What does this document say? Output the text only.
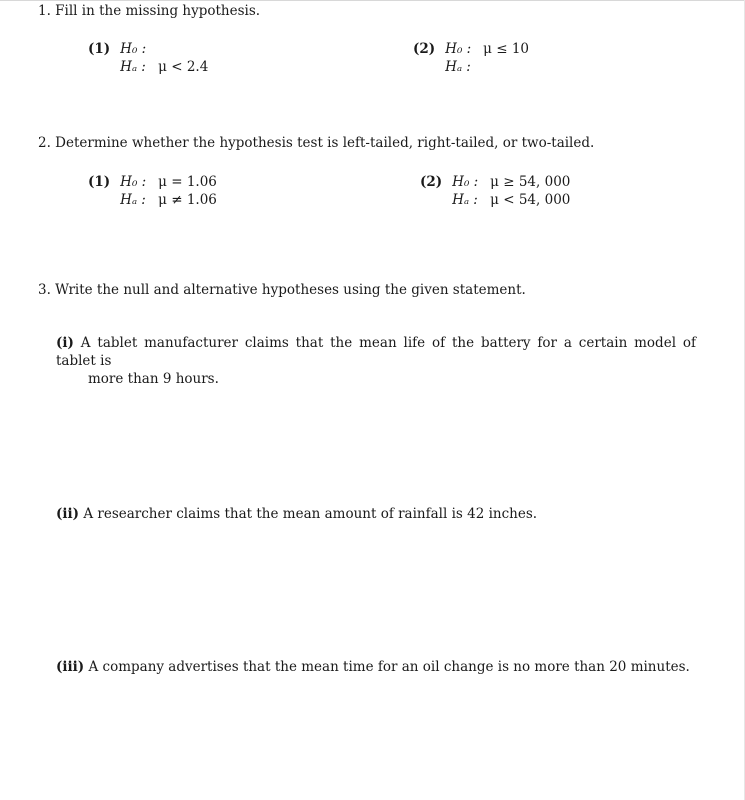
1. Fill in the missing hypothesis.
(1) H₀ :
Hₐ : μ < 2.4
(2) H₀ : μ ≤ 10
Hₐ :
2. Determine whether the hypothesis test is left-tailed, right-tailed, or two-tailed.
(1) H₀ : μ = 1.06
Hₐ : μ ≠ 1.06
(2) H₀ : μ ≥ 54, 000
Hₐ : μ < 54, 000
3. Write the null and alternative hypotheses using the given statement.
(i) A tablet manufacturer claims that the mean life of the battery for a certain model of tablet is
more than 9 hours.
(ii) A researcher claims that the mean amount of rainfall is 42 inches.
(iii) A company advertises that the mean time for an oil change is no more than 20 minutes.
